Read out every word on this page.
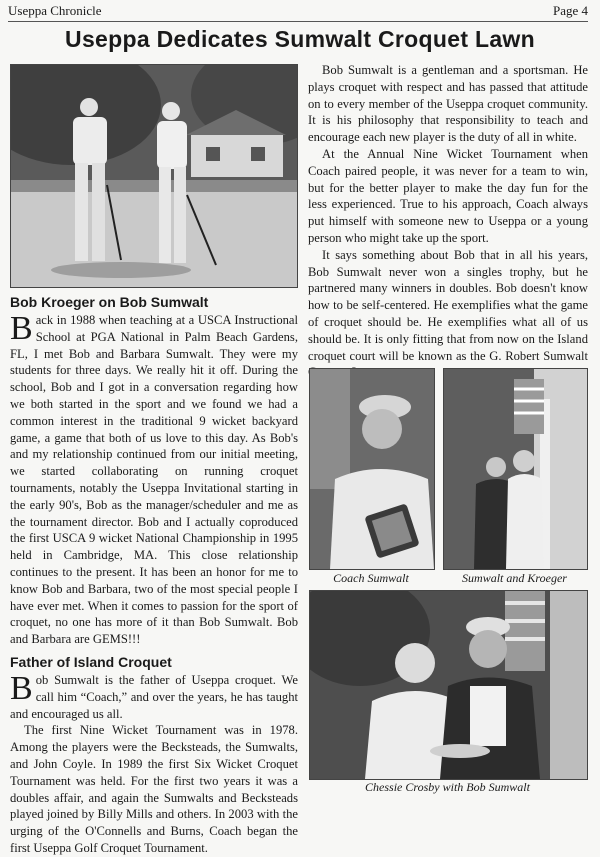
Useppa Chronicle	Page 4
Useppa Dedicates Sumwalt Croquet Lawn
Bob Kroeger on Bob Sumwalt

Back in 1988 when teaching at a USCA Instructional School at PGA National in Palm Beach Gardens, FL, I met Bob and Barbara Sumwalt. They were my students for three days. We really hit it off. During the school, Bob and I got in a conversation regarding how we both started in the sport and we found we had a common interest in the traditional 9 wicket backyard game, a game that both of us love to this day. As Bob's and my relationship continued from our initial meeting, we started collaborating on running croquet tournaments, notably the Useppa Invitational starting in the early 90's, Bob as the manager/scheduler and me as the tournament director. Bob and I actually coproduced the first USCA 9 wicket National Championship in 1995 held in Cambridge, MA. This close relationship continues to the present. It has been an honor for me to know Bob and Barbara, two of the most special people I have ever met. When it comes to passion for the sport of croquet, no one has more of it than Bob Sumwalt. Bob and Barbara are GEMS!!!

Father of Island Croquet

Bob Sumwalt is the father of Useppa croquet. We call him “Coach,” and over the years, he has taught and encouraged us all.

The first Nine Wicket Tournament was in 1978. Among the players were the Becksteads, the Sumwalts, and John Coyle. In 1989 the first Six Wicket Croquet Tournament was held. For the first two years it was a doubles affair, and again the Sumwalts and Becksteads played joined by Billy Mills and others. In 2003 with the urging of the O'Connells and Burns, Coach began the first Useppa Golf Croquet Tournament.

Bob Sumwalt is a gentleman and a sportsman. He plays croquet with respect and has passed that attitude on to every member of the Useppa croquet community. It is his philosophy that responsibility to teach and encourage each new player is the duty of all in white.

At the Annual Nine Wicket Tournament when Coach paired people, it was never for a team to win, but for the better player to make the day fun for the less experienced. True to his approach, Coach always put himself with someone new to Useppa or a young person who might take up the sport.

It says something about Bob that in all his years, Bob Sumwalt never won a singles trophy, but he partnered many winners in doubles. Bob doesn't know how to be self-centered. He exemplifies what the game of croquet should be. He exemplifies what all of us should be. It is only fitting that from now on the Island croquet court will be known as the G. Robert Sumwalt

Coach Sumwalt	Sumwalt and Kroeger
Chessie Crosby with Bob Sumwalt
